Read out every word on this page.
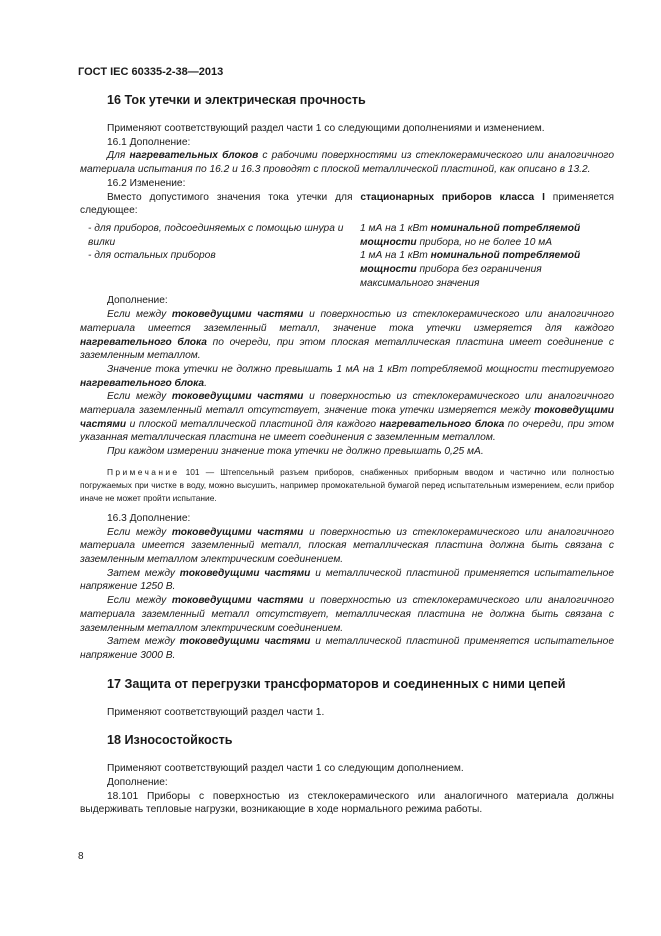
ГОСТ IEC 60335-2-38—2013
16 Ток утечки и электрическая прочность

Применяют соответствующий раздел части 1 со следующими дополнениями и изменением.

16.1 Дополнение:

Для нагревательных блоков с рабочими поверхностями из стеклокерамического или аналогичного материала испытания по 16.2 и 16.3 проводят с плоской металлической пластиной, как описано в 13.2.

16.2 Изменение:

Вместо допустимого значения тока утечки для стационарных приборов класса I применяется следующее:

- для приборов, подсоединяемых с помощью шнура и вилки	1 мА на 1 кВт номинальной потребляемой мощности прибора, но не более 10 мА

- для остальных приборов	1 мА на 1 кВт номинальной потребляемой мощности прибора без ограничения максимального значения

Дополнение:

Если между токоведущими частями и поверхностью из стеклокерамического или аналогичного материала имеется заземленный металл, значение тока утечки измеряется для каждого нагревательного блока по очереди, при этом плоская металлическая пластина имеет соединение с заземленным металлом.

Значение тока утечки не должно превышать 1 мА на 1 кВт потребляемой мощности тестируемого нагревательного блока.

Если между токоведущими частями и поверхностью из стеклокерамического или аналогичного материала заземленный металл отсутствует, значение тока утечки измеряется между токоведущими частями и плоской металлической пластиной для каждого нагревательного блока по очереди, при этом указанная металлическая пластина не имеет соединения с заземленным металлом.

При каждом измерении значение тока утечки не должно превышать 0,25 мА.

Примечание 101 — Штепсельный разъем приборов, снабженных приборным вводом и частично или полностью погружаемых при чистке в воду, можно высушить, например промокательной бумагой перед испытательным измерением, если прибор иначе не может пройти испытание.

16.3 Дополнение:

Если между токоведущими частями и поверхностью из стеклокерамического или аналогичного материала имеется заземленный металл, плоская металлическая пластина должна быть связана с заземленным металлом электрическим соединением.

Затем между токоведущими частями и металлической пластиной применяется испытательное напряжение 1250 В.

Если между токоведущими частями и поверхностью из стеклокерамического или аналогичного материала заземленный металл отсутствует, металлическая пластина не должна быть связана с заземленным металлом электрическим соединением.

Затем между токоведущими частями и металлической пластиной применяется испытательное напряжение 3000 В.

17 Защита от перегрузки трансформаторов и соединенных с ними цепей

Применяют соответствующий раздел части 1.

18 Износостойкость

Применяют соответствующий раздел части 1 со следующим дополнением.

Дополнение:

18.101 Приборы с поверхностью из стеклокерамического или аналогичного материала должны выдерживать тепловые нагрузки, возникающие в ходе нормального режима работы.

8
